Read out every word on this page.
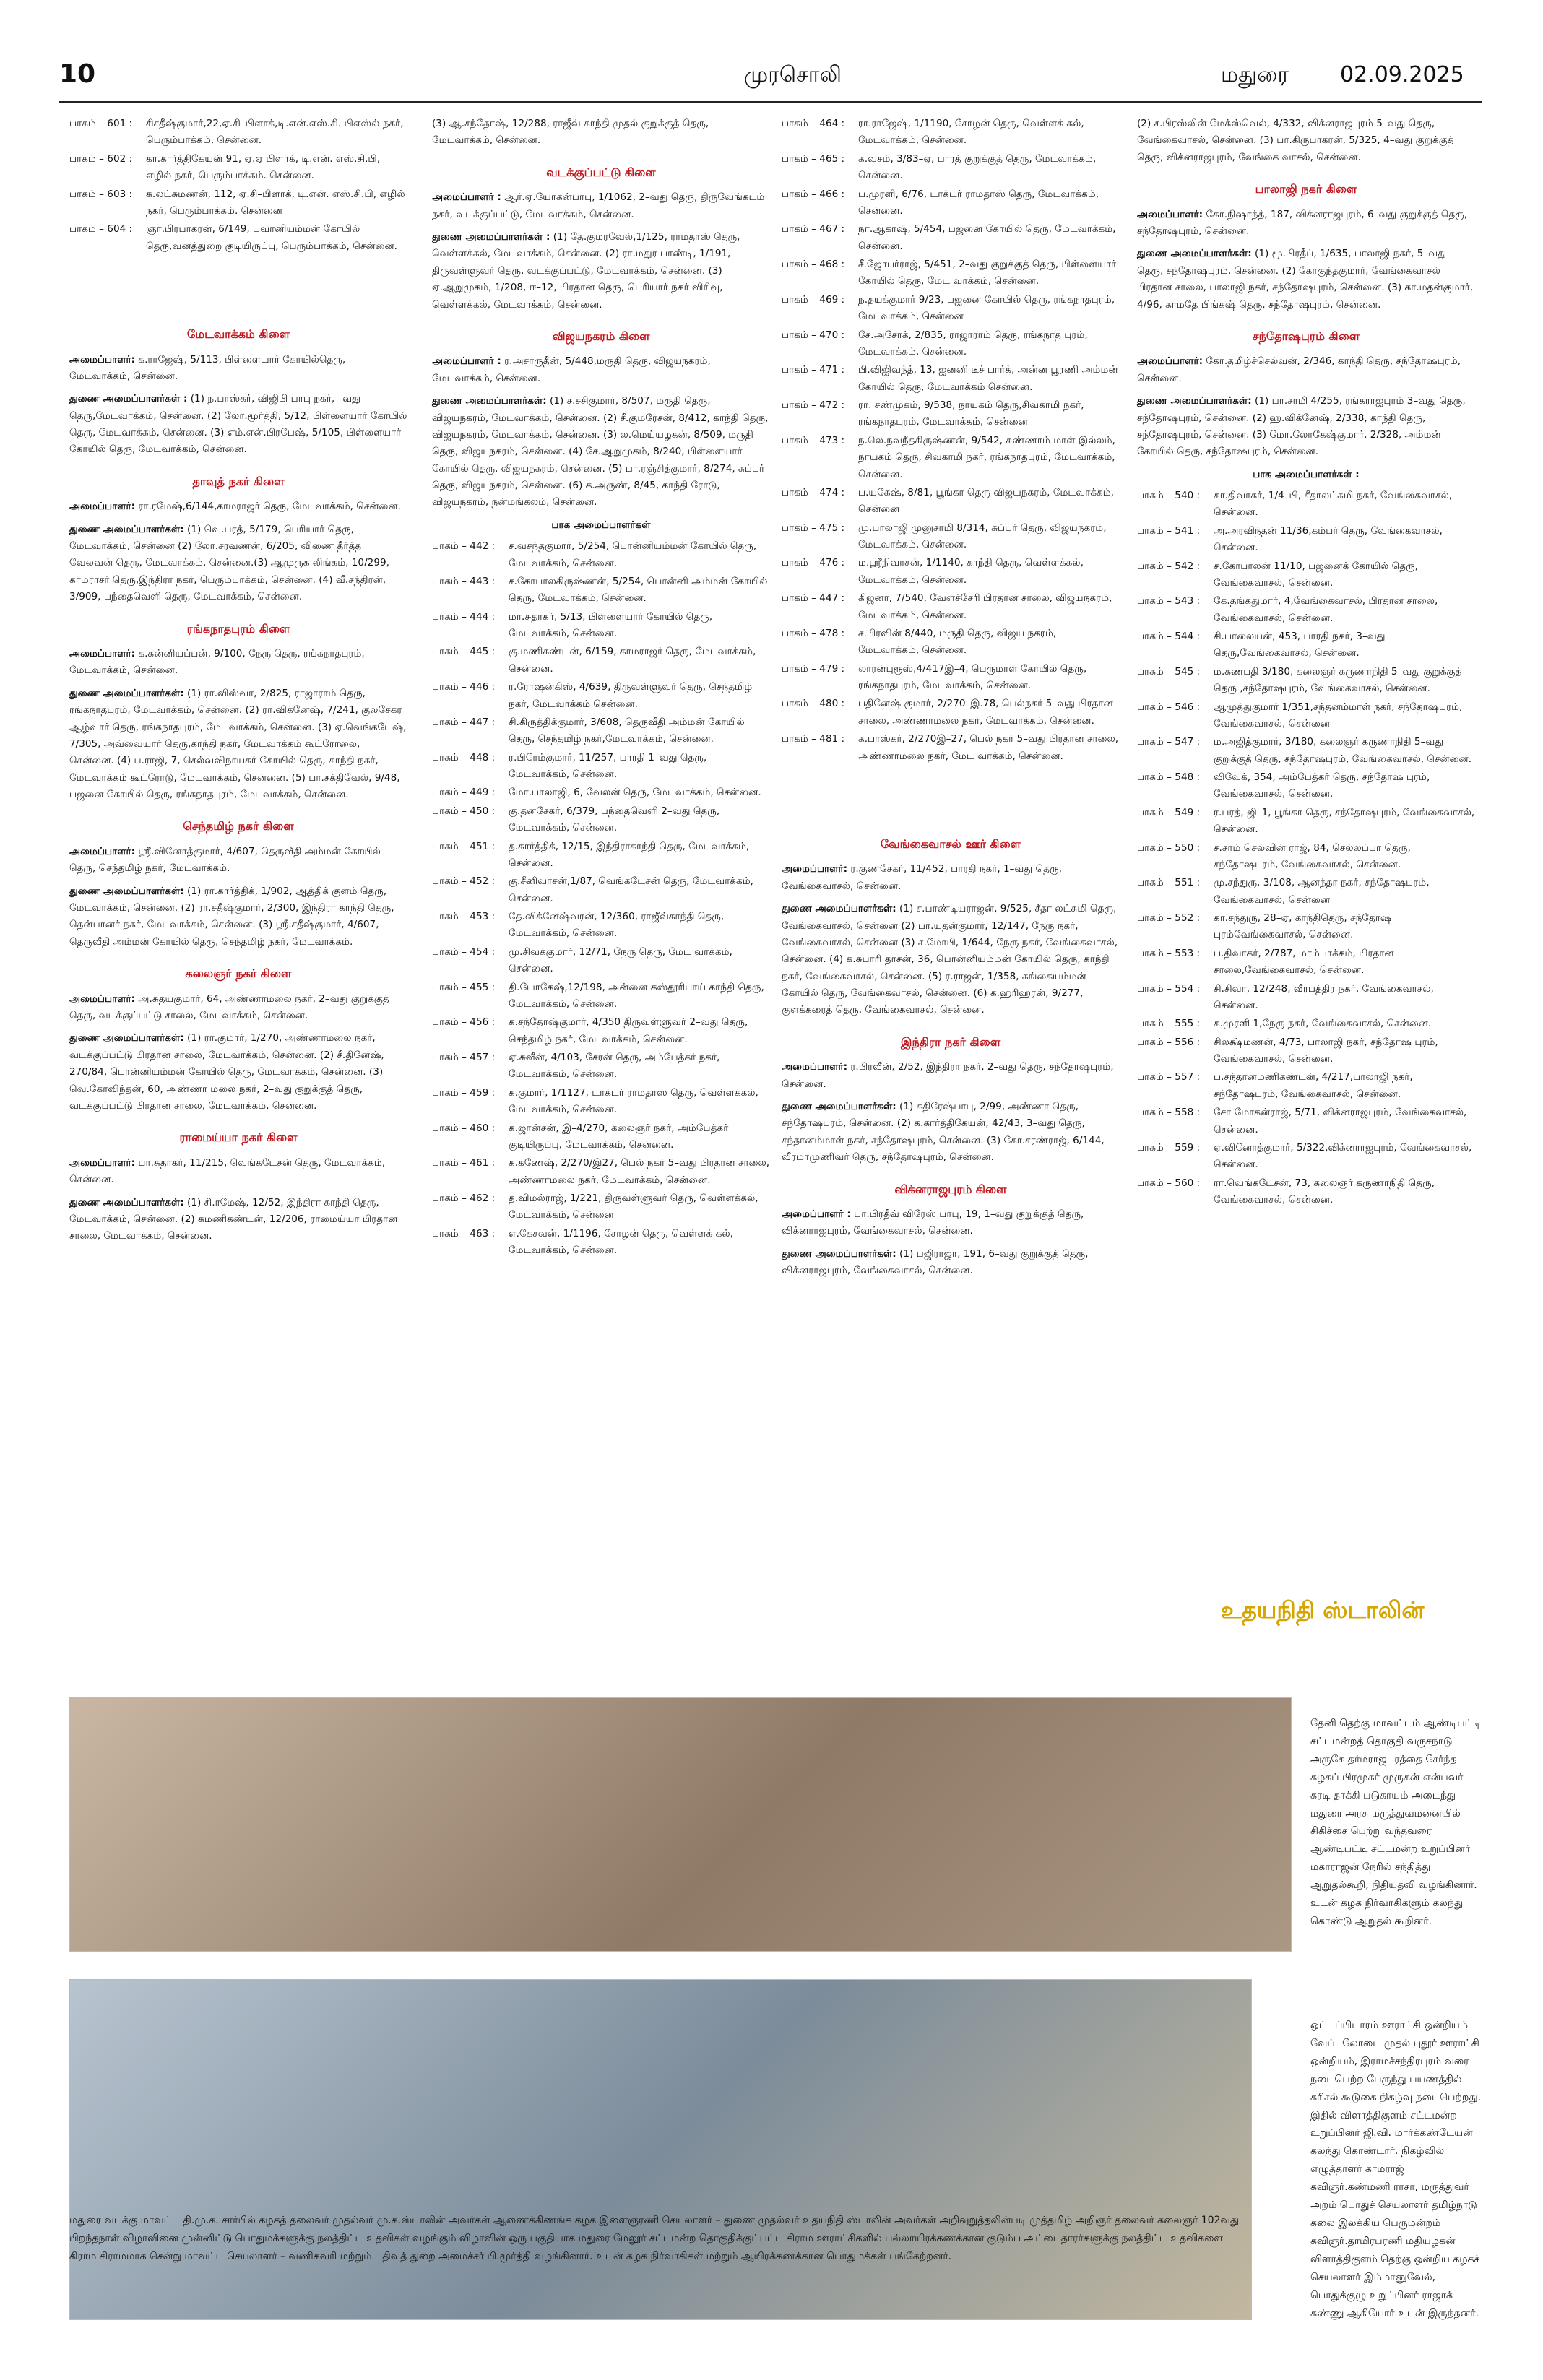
10	முரசொலி	மதுரை 02.09.2025
பாகம் – 601 :	சிசதீஷ்குமார்,22,ஏ.சி–பிளாக்,டி.என்.எஸ்.சி. பிஎஸ்ல் நகர், பெரும்பாக்கம், சென்னை.
பாகம் – 602 :	கா.கார்த்திகேயன் 91, ஏ.ஏ பிளாக், டி.என். எஸ்.சி.பி, எழில் நகர், பெரும்பாக்கம். சென்னை.
பாகம் – 603 :	சு.லட்சுமணன், 112, ஏ.சி–பிளாக், டி.என். எஸ்.சி.பி, எழில் நகர், பெரும்பாக்கம். சென்னை
பாகம் – 604 :	ஞா.பிரபாகரன், 6/149, பவானியம்மன் கோயில் தெரு,வனத்துறை குடியிருப்பு, பெரும்பாக்கம், சென்னை.
மேடவாக்கம் கிளை
அமைப்பாளர்: க.ராஜேஷ், 5/113, பிள்ளையார் கோயில்தெரு, மேடவாக்கம், சென்னை.
துணை அமைப்பாளர்கள் : (1) ந.பாஸ்கர், விஜிபி பாபு நகர், –வது தெரு,மேடவாக்கம், சென்னை. (2) லோ.மூர்த்தி, 5/12, பிள்ளையார் கோயில் தெரு, மேடவாக்கம், சென்னை. (3) எம்.என்.பிரபேஷ், 5/105, பிள்ளையார் கோயில் தெரு, மேடவாக்கம், சென்னை.
தாவுத் நகர் கிளை
அமைப்பாளர்: ரா.ரமேஷ்,6/144,காமராஜர் தெரு, மேடவாக்கம், சென்னை.
துணை அமைப்பாளர்கள்: (1) வெ.பரத், 5/179, பெரியார் தெரு, மேடவாக்கம், சென்னை (2) லோ.சரவணன், 6/205, விணை தீர்த்த வேலவன் தெரு, மேடவாக்கம், சென்னை.(3) ஆமுருக லிங்கம், 10/299, காமராசர் தெரு,இந்திரா நகர், பெரும்பாக்கம், சென்னை. (4) வீ.சந்திரன், 3/909, பந்தைவெளி தெரு, மேடவாக்கம், சென்னை.
ரங்கநாதபுரம் கிளை
அமைப்பாளர்: க.கன்னியப்பன், 9/100, நேரு தெரு, ரங்கநாதபுரம், மேடவாக்கம், சென்னை.
துணை அமைப்பாளர்கள்: (1) ரா.விஸ்வா, 2/825, ராஜாராம் தெரு, ரங்கநாதபுரம், மேடவாக்கம், சென்னை. (2) ரா.விக்னேஷ், 7/241, குலசேகர ஆழ்வார் தெரு, ரங்கநாதபுரம், மேடவாக்கம், சென்னை. (3) ஏ.வெங்கடேஷ், 7/305, அவ்வையார் தெரு,காந்தி நகர், மேடவாக்கம் கூட்ரோலை, சென்னை. (4) ப.ராஜி, 7, செல்வவிநாயகர் கோயில் தெரு, காந்தி நகர், மேடவாக்கம் கூட்ரோடு, மேடவாக்கம், சென்னை. (5) பா.சக்திவேல், 9/48, பஜனை கோயில் தெரு, ரங்கநாதபுரம், மேடவாக்கம், சென்னை.
செந்தமிழ் நகர் கிளை
அமைப்பாளர்: ஸ்ரீ.வினோத்குமார், 4/607, தெருவீதி அம்மன் கோயில் தெரு, செந்தமிழ் நகர், மேடவாக்கம்.
துணை அமைப்பாளர்கள்: (1) ரா.கார்த்திக், 1/902, ஆத்திக் குளம் தெரு, மேடவாக்கம், சென்னை. (2) ரா.சதீஷ்குமார், 2/300, இந்திரா காந்தி தெரு, தென்பானர் நகர், மேடவாக்கம், சென்னை. (3) ஸ்ரீ.சதீஷ்குமார், 4/607, தெருவீதி அம்மன் கோயில் தெரு, செந்தமிழ் நகர், மேடவாக்கம்.
கலைஞர் நகர் கிளை
அமைப்பாளர்: அ.சுதயகுமார், 64, அண்ணாமலை நகர், 2–வது குறுக்குத் தெரு, வடக்குப்பட்டு சாலை, மேடவாக்கம், சென்னை.
துணை அமைப்பாளர்கள்: (1) ரா.குமார், 1/270, அண்ணாமலை நகர், வடக்குப்பட்டு பிரதான சாலை, மேடவாக்கம், சென்னை. (2) சீ.தினேஷ், 270/84, பொன்னியம்மன் கோயில் தெரு, மேடவாக்கம், சென்னை. (3) வெ.கோவிந்தன், 60, அண்ணா மலை நகர், 2–வது குறுக்குத் தெரு, வடக்குப்பட்டு பிரதான சாலை, மேடவாக்கம், சென்னை.
ராமைய்யா நகர் கிளை
அமைப்பாளர்: பா.சுதாகர், 11/215, வெங்கடேசன் தெரு, மேடவாக்கம், சென்னை.
துணை அமைப்பாளர்கள்: (1) சி.ரமேஷ், 12/52, இந்திரா காந்தி தெரு, மேடவாக்கம், சென்னை. (2) சுமணிகண்டன், 12/206, ராமைய்யா பிரதான சாலை, மேடவாக்கம், சென்னை.
(3) ஆ.சந்தோஷ், 12/288, ராஜீவ் காந்தி முதல் குறுக்குத் தெரு, மேடவாக்கம், சென்னை.
வடக்குப்பட்டு கிளை
அமைப்பாளர் : ஆர்.ஏ.யோகன்பாபு, 1/1062, 2–வது தெரு, திருவேங்கடம் நகர், வடக்குப்பட்டு, மேடவாக்கம், சென்னை.
துணை அமைப்பாளர்கள் : (1) தே.குமரவேல்,1/125, ராமதாஸ் தெரு, வெள்ளக்கல், மேடவாக்கம், சென்னை. (2) ரா.மதுர பாண்டி, 1/191, திருவள்ளுவர் தெரு, வடக்குப்பட்டு, மேடவாக்கம், சென்னை. (3) ஏ.ஆறுமுகம், 1/208, ஈ–12, பிரதான தெரு, பெரியார் நகர் விரிவு, வெள்ளக்கல், மேடவாக்கம், சென்னை.
விஜயநகரம் கிளை
அமைப்பாளர் : ர.அசாருதீன், 5/448,மருதி தெரு, விஜயநகரம், மேடவாக்கம், சென்னை.
துணை அமைப்பாளர்கள்: (1) ச.சசிகுமார், 8/507, மருதி தெரு, விஜயநகரம், மேடவாக்கம், சென்னை. (2) சீ.குமரேசன், 8/412, காந்தி தெரு, விஜயநகரம், மேடவாக்கம், சென்னை. (3) ல.மெய்யழகன், 8/509, மருதி தெரு, விஜயநகரம், சென்னை. (4) சே.ஆறுமுகம், 8/240, பிள்ளையார் கோயில் தெரு, விஜயநகரம், சென்னை. (5) பா.ரஞ்சித்குமார், 8/274, சுப்பர் தெரு, விஜயநகரம், சென்னை. (6) க.அருண், 8/45, காந்தி ரோடு, விஜயநகரம், நன்மங்கலம், சென்னை.
பாக அமைப்பாளர்கள்
பாகம் – 442 :	ச.வசந்தகுமார், 5/254, பொன்னியம்மன் கோயில் தெரு, மேடவாக்கம், சென்னை.
பாகம் – 443 :	ச.கோபாலகிருஷ்ணன், 5/254, பொன்னி அம்மன் கோயில் தெரு, மேடவாக்கம், சென்னை.
பாகம் – 444 :	மா.சுதாகர், 5/13, பிள்ளையார் கோயில் தெரு, மேடவாக்கம், சென்னை.
பாகம் – 445 :	கு.மணிகண்டன், 6/159, காமராஜர் தெரு, மேடவாக்கம், சென்னை.
பாகம் – 446 :	ர.ரோஷன்கிஸ், 4/639, திருவள்ளுவர் தெரு, செந்தமிழ் நகர், மேடவாக்கம் சென்னை.
பாகம் – 447 :	சி.கிருத்திக்குமார், 3/608, தெருவீதி அம்மன் கோயில் தெரு, செந்தமிழ் நகர்,மேடவாக்கம், சென்னை.
பாகம் – 448 :	ர.பிரேம்குமார், 11/257, பாரதி 1–வது தெரு, மேடவாக்கம், சென்னை.
பாகம் – 449 :	மோ.பாலாஜி, 6, வேலன் தெரு, மேடவாக்கம், சென்னை.
பாகம் – 450 :	கு.தனசேகர், 6/379, பந்தைவெளி 2–வது தெரு, மேடவாக்கம், சென்னை.
பாகம் – 451 :	த.கார்த்திக், 12/15, இந்திராகாந்தி தெரு, மேடவாக்கம், சென்னை.
பாகம் – 452 :	கு.சீனிவாசன்,1/87, வெங்கடேசன் தெரு, மேடவாக்கம், சென்னை.
பாகம் – 453 :	தே.விக்னேஷ்வரன், 12/360, ராஜீவ்காந்தி தெரு, மேடவாக்கம், சென்னை.
பாகம் – 454 :	மு.சிவக்குமார், 12/71, நேரு தெரு, மேட வாக்கம், சென்னை.
பாகம் – 455 :	தி.யோகேஷ்,12/198, அன்னை கஸ்தூரிபாய் காந்தி தெரு, மேடவாக்கம், சென்னை.
பாகம் – 456 :	க.சந்தோஷ்குமார், 4/350 திருவள்ளுவர் 2–வது தெரு, செந்தமிழ் நகர், மேடவாக்கம், சென்னை.
பாகம் – 457 :	ஏ.சுவீன், 4/103, சேரன் தெரு, அம்பேத்கர் நகர், மேடவாக்கம், சென்னை.
பாகம் – 459 :	க.குமார், 1/1127, டாக்டர் ராமதாஸ் தெரு, வெள்ளக்கல், மேடவாக்கம், சென்னை.
பாகம் – 460 :	க.ஜான்சன், இ–4/270, கலைஞர் நகர், அம்பேத்கர் குடியிருப்பு, மேடவாக்கம், சென்னை.
பாகம் – 461 :	க.கணேஷ், 2/270/இ27, பெல் நகர் 5–வது பிரதான சாலை, அண்ணாமலை நகர், மேடவாக்கம், சென்னை.
பாகம் – 462 :	த.விமல்ராஜ், 1/221, திருவள்ளுவர் தெரு, வெள்ளக்கல், மேடவாக்கம், சென்னை
பாகம் – 463 :	எ.கேசவன், 1/1196, சோழன் தெரு, வெள்ளக் கல், மேடவாக்கம், சென்னை.
பாகம் – 464 :	ரா.ராஜேஷ், 1/1190, சோழன் தெரு, வெள்ளக் கல், மேடவாக்கம், சென்னை.
பாகம் – 465 :	க.வசம், 3/83–ஏ, பாரத் குறுக்குத் தெரு, மேடவாக்கம், சென்னை.
பாகம் – 466 :	ப.முரளி, 6/76, டாக்டர் ராமதாஸ் தெரு, மேடவாக்கம், சென்னை.
பாகம் – 467 :	நா.ஆகாஷ், 5/454, பஜனை கோயில் தெரு, மேடவாக்கம், சென்னை.
பாகம் – 468 :	சீ.ஜோபர்ராஜ், 5/451, 2–வது குறுக்குத் தெரு, பிள்ளையார் கோயில் தெரு, மேட வாக்கம், சென்னை.
பாகம் – 469 :	ந.தயக்குமார் 9/23, பஜனை கோயில் தெரு, ரங்கநாதபுரம், மேடவாக்கம், சென்னை
பாகம் – 470 :	சே.அசோக், 2/835, ராஜாராம் தெரு, ரங்கநாத புரம், மேடவாக்கம், சென்னை.
பாகம் – 471 :	பி.விஜிவந்த், 13, ஜனனி டீச் பார்க், அன்ன பூரணி அம்மன் கோயில் தெரு, மேடவாக்கம் சென்னை.
பாகம் – 472 :	ரா. சண்முகம், 9/538, நாயகம் தெரு,சிவகாமி நகர், ரங்கநாதபுரம், மேடவாக்கம், சென்னை
பாகம் – 473 :	ந.லெ.நவநீதகிருஷ்ணன், 9/542, சுண்ணாம் மாள் இல்லம், நாயகம் தெரு, சிவகாமி நகர், ரங்கநாதபுரம், மேடவாக்கம், சென்னை.
பாகம் – 474 :	ப.யுகேஷ், 8/81, பூங்கா தெரு விஜயநகரம், மேடவாக்கம், சென்னை
பாகம் – 475 :	மு.பாலாஜி முனுசாமி 8/314, சுப்பர் தெரு, விஜயநகரம், மேடவாக்கம், சென்னை.
பாகம் – 476 :	ம.ஸ்ரீநிவாசன், 1/1140, காந்தி தெரு, வெள்ளக்கல், மேடவாக்கம், சென்னை.
பாகம் – 447 :	கிஜனா, 7/540, வேளச்சேரி பிரதான சாலை, விஜயநகரம், மேடவாக்கம், சென்னை.
பாகம் – 478 :	ச.பிரவின் 8/440, மருதி தெரு, விஜய நகரம், மேடவாக்கம், சென்னை.
பாகம் – 479 :	லாரன்புரூஸ்,4/417இ–4, பெருமாள் கோயில் தெரு, ரங்கநாதபுரம், மேடவாக்கம், சென்னை.
பாகம் – 480 :	பதினேஷ் குமார், 2/270–இ.78, பெல்நகர் 5–வது பிரதான சாலை, அண்ணாமலை நகர், மேடவாக்கம், சென்னை.
பாகம் – 481 :	க.பாஸ்கர், 2/270இ–27, பெல் நகர் 5–வது பிரதான சாலை, அண்ணாமலை நகர், மேட வாக்கம், சென்னை.
வேங்கைவாசல் ஊர் கிளை
அமைப்பாளர்: ர.குணசேகர், 11/452, பாரதி நகர், 1–வது தெரு, வேங்கைவாசல், சென்னை.
துணை அமைப்பாளர்கள்: (1) ச.பாண்டியராஜன், 9/525, சீதா லட்சுமி தெரு, வேங்கைவாசல், சென்னை (2) பா.யுதன்குமார், 12/147, நேரு நகர், வேங்கைவாசல், சென்னை (3) ச.மோபி, 1/644, நேரு நகர், வேங்கைவாசல், சென்னை. (4) க.சுபாரி தாசன், 36, பொன்னியம்மன் கோயில் தெரு, காந்தி நகர், வேங்கைவாசல், சென்னை. (5) ர.ராஜன், 1/358, கங்கையம்மன் கோயில் தெரு, வேங்கைவாசல், சென்னை. (6) க.ஹரிஹரன், 9/277, குளக்கரைத் தெரு, வேங்கைவாசல், சென்னை.
இந்திரா நகர் கிளை
அமைப்பாளர்: ர.பிரவீன், 2/52, இந்திரா நகர், 2–வது தெரு, சந்தோஷபுரம், சென்னை.
துணை அமைப்பாளர்கள்: (1) கதிரேஷ்பாபு, 2/99, அண்ணா தெரு, சந்தோஷபுரம், சென்னை. (2) க.கார்த்திகேயன், 42/43, 3–வது தெரு, சந்தானம்மாள் நகர், சந்தோஷபுரம், சென்னை. (3) கோ.சரண்ராஜ், 6/144, வீரமாமுணிவர் தெரு, சந்தோஷபுரம், சென்னை.
விக்னராஜபுரம் கிளை
அமைப்பாளர் : பா.பிரதீவ் விரேஸ் பாபு, 19, 1–வது குறுக்குத் தெரு, விக்னராஜபுரம், வேங்கைவாசல், சென்னை.
துணை அமைப்பாளர்கள்: (1) பஜிராஜா, 191, 6–வது குறுக்குத் தெரு, விக்னராஜபுரம், வேங்கைவாசல், சென்னை.
(2) ச.பிரஸ்லின் மேக்ஸ்வெல், 4/332, விக்னராஜபுரம் 5–வது தெரு, வேங்கைவாசல், சென்னை. (3) பா.கிருபாகரன், 5/325, 4–வது குறுக்குத் தெரு, விக்னராஜபுரம், வேங்கை வாசல், சென்னை.
பாலாஜி நகர் கிளை
அமைப்பாளர்: கோ.நிஷாந்த், 187, விக்னராஜபுரம், 6–வது குறுக்குத் தெரு, சந்தோஷபுரம், சென்னை.
துணை அமைப்பாளர்கள்: (1) மூ.பிரதீப், 1/635, பாலாஜி நகர், 5–வது தெரு, சந்தோஷபுரம், சென்னை. (2) கோகுந்தகுமார், வேங்கைவாசல் பிரதான சாலை, பாலாஜி நகர், சந்தோஷபுரம், சென்னை. (3) கா.மதன்குமார், 4/96, காமதே பிங்கஷ் தெரு, சந்தோஷபுரம், சென்னை.
சந்தோஷபுரம் கிளை
அமைப்பாளர்: கோ.தமிழ்ச்செல்வன், 2/346, காந்தி தெரு, சந்தோஷபுரம், சென்னை.
துணை அமைப்பாளர்கள்: (1) பா.சாமி 4/255, ரங்கராஜபுரம் 3–வது தெரு, சந்தோஷபுரம், சென்னை. (2) ஹ.விக்னேஷ், 2/338, காந்தி தெரு, சந்தோஷபுரம், சென்னை. (3) மோ.லோகேஷ்குமார், 2/328, அம்மன் கோயில் தெரு, சந்தோஷபுரம், சென்னை.
பாக அமைப்பாளர்கள் :
பாகம் – 540 :	கா.திவாகர், 1/4–பி, சீதாலட்சுமி நகர், வேங்கைவாசல், சென்னை.
பாகம் – 541 :	அ.அரவிந்தன் 11/36,கம்பர் தெரு, வேங்கைவாசல், சென்னை.
பாகம் – 542 :	ச.கோபாலன் 11/10, பஜனைக் கோயில் தெரு, வேங்கைவாசல், சென்னை.
பாகம் – 543 :	கே.தங்கதுமார், 4,வேங்கைவாசல், பிரதான சாலை, வேங்கைவாசல், சென்னை.
பாகம் – 544 :	சி.பாலையன், 453, பாரதி நகர், 3–வது தெரு,வேங்கைவாசல், சென்னை.
பாகம் – 545 :	ம.கணபதி 3/180, கலைஞர் கருணாநிதி 5–வது குறுக்குத் தெரு ,சந்தோஷபுரம், வேங்கைவாசல், சென்னை.
பாகம் – 546 :	ஆமுத்துகுமார் 1/351,சந்தனம்மாள் நகர், சந்தோஷபுரம், வேங்கைவாசல், சென்னை
பாகம் – 547 :	ம.அஜித்குமார், 3/180, கலைஞர் கருணாநிதி 5–வது குறுக்குத் தெரு, சந்தோஷபுரம், வேங்கைவாசல், சென்னை.
பாகம் – 548 :	விவேக், 354, அம்பேத்கர் தெரு, சந்தோஷ புரம், வேங்கைவாசல், சென்னை.
பாகம் – 549 :	ர.பரத், ஜி–1, பூங்கா தெரு, சந்தோஷபுரம், வேங்கைவாசல், சென்னை.
பாகம் – 550 :	ச.சாம் செல்வின் ராஜ், 84, செல்லப்பா தெரு, சந்தோஷபுரம், வேங்கைவாசல், சென்னை.
பாகம் – 551 :	மு.சந்துரு, 3/108, ஆனந்தா நகர், சந்தோஷபுரம், வேங்கைவாசல், சென்னை
பாகம் – 552 :	கா.சந்துரு, 28–ஏ, காந்திதெரு, சந்தோஷ புரம்வேங்கைவாசல், சென்னை.
பாகம் – 553 :	ப.திவாகர், 2/787, மாம்பாக்கம், பிரதான சாலை,வேங்கைவாசல், சென்னை.
பாகம் – 554 :	சி.சிவா, 12/248, வீரபத்திர நகர், வேங்கைவாசல், சென்னை.
பாகம் – 555 :	க.முரளி 1,நேரு நகர், வேங்கைவாசல், சென்னை.
பாகம் – 556 :	சிலக்ஷ்மணன், 4/73, பாலாஜி நகர், சந்தோஷ புரம், வேங்கைவாசல், சென்னை.
பாகம் – 557 :	ப.சந்தானமணிகண்டன், 4/217,பாலாஜி நகர், சந்தோஷபுரம், வேங்கைவாசல், சென்னை.
பாகம் – 558 :	சோ மோகன்ராஜ், 5/71, விக்னராஜபுரம், வேங்கைவாசல், சென்னை.
பாகம் – 559 :	ஏ.வினோத்குமார், 5/322,விக்னராஜபுரம், வேங்கைவாசல், சென்னை.
பாகம் – 560 :	ரா.வெங்கடேசன், 73, கலைஞர் கருணாநிதி தெரு, வேங்கைவாசல், சென்னை.
உதயநிதி ஸ்டாலின்
தேனி தெற்கு மாவட்டம் ஆண்டிபட்டி சட்டமன்றத் தொகுதி வருசநாடு அருகே தர்மராஜபுரத்தை சேர்ந்த கழகப் பிரமுகர் முருகன் என்பவர் கரடி தாக்கி படுகாயம் அடைந்து மதுரை அரசு மருத்துவமனையில் சிகிச்சை பெற்று வந்தவரை ஆண்டிபட்டி சட்டமன்ற உறுப்பினர் மகாராஜன் நேரில் சந்தித்து ஆறுதல்கூறி, நிதியுதவி வழங்கினார். உடன் கழக நிர்வாகிகளும் கலந்து கொண்டு ஆறுதல் கூறினர்.
ஒட்டப்பிடாரம் ஊராட்சி ஒன்றியம் வேப்பலோடை முதல் புதூர் ஊராட்சி ஒன்றியம், இராமச்சந்திரபுரம் வரை நடைபெற்ற பேருந்து பயணத்தில் கரிசல் கூடுகை நிகழ்வு நடைபெற்றது. இதில் விளாத்திகுளம் சட்டமன்ற உறுப்பினர் ஜி.வி. மார்க்கண்டேயன் கலந்து கொண்டார். நிகழ்வில் எழுத்தாளர் காமராஜ் கவிஞர்.கண்மணி ராசா, மருத்துவர் அறம் பொதுச் செயலாளர் தமிழ்நாடு கலை இலக்கிய பெருமன்றம் கவிஞர்.தாமிரபரணி மதியழகன் விளாத்திகுளம் தெற்கு ஒன்றிய கழகச் செயலாளர் இம்மானுவேல், பொதுக்குழு உறுப்பினர் ராஜாக் கண்ணு ஆகியோர் உடன் இருந்தனர்.
மதுரை வடக்கு மாவட்ட தி.மு.க. சார்பில் கழகத் தலைவர் முதல்வர் மு.க.ஸ்டாலின் அவர்கள் ஆணைக்கிணங்க கழக இளைஞரணி செயலாளர் – துணை முதல்வர் உதயநிதி ஸ்டாலின் அவர்கள் அறிவுறுத்தலின்படி முத்தமிழ் அறிஞர் தலைவர் கலைஞர் 102வது பிறந்தநாள் விழாவினை முன்னிட்டு பொதுமக்களுக்கு நலத்திட்ட உதவிகள் வழங்கும் விழாவின் ஒரு பகுதியாக மதுரை மேலூர் சட்டமன்ற தொகுதிக்குட்பட்ட கிராம ஊராட்சிகளில் பல்லாயிரக்கணக்கான குடும்ப அட்டைதாரர்களுக்கு நலத்திட்ட உதவிகளை கிராம கிராமமாக சென்று மாவட்ட செயலாளர் – வணிகவரி மற்றும் பதிவுத் துறை அமைச்சர் பி.மூர்த்தி வழங்கினார். உடன் கழக நிர்வாகிகள் மற்றும் ஆயிரக்கணக்கான பொதுமக்கள் பங்கேற்றனர்.
